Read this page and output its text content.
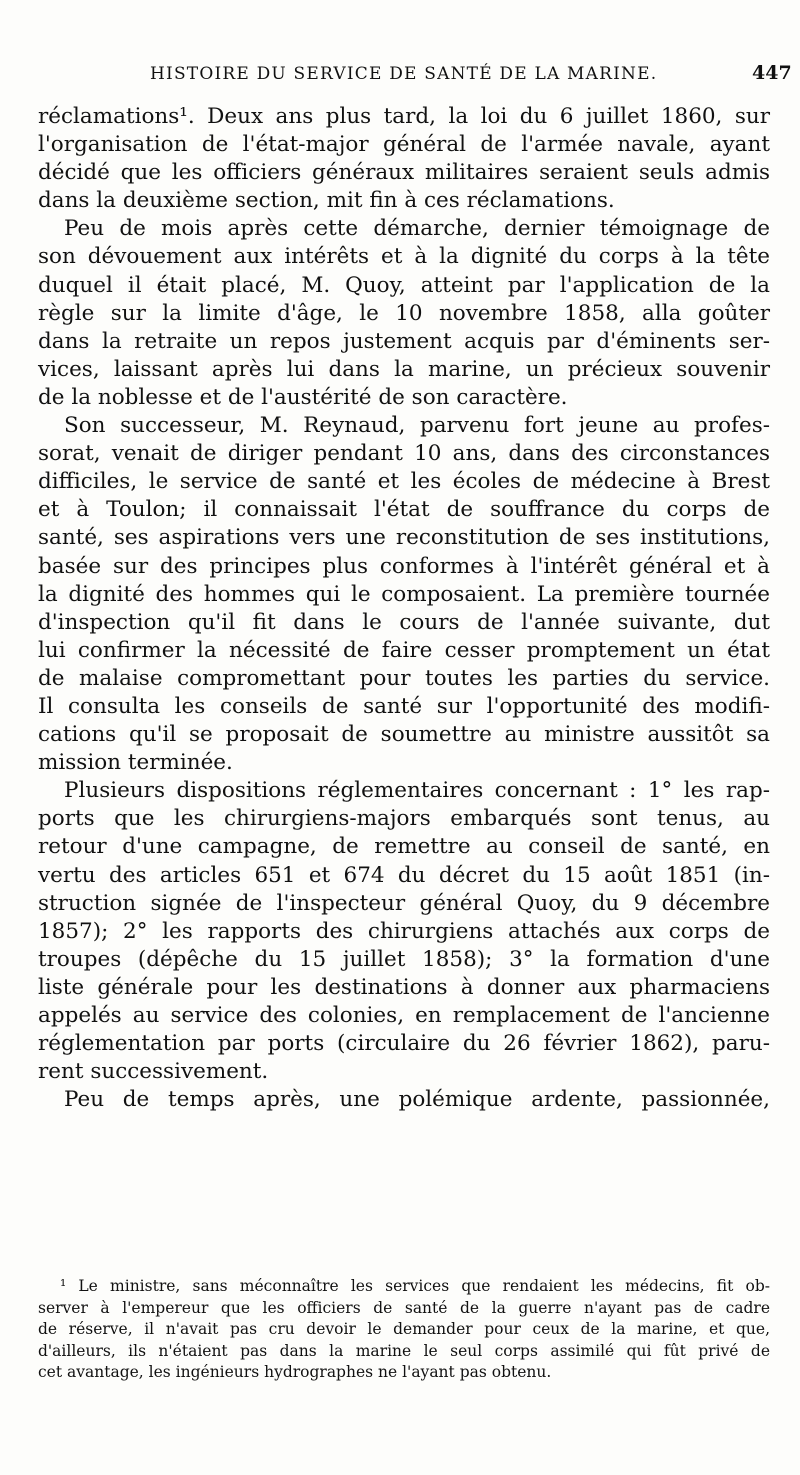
HISTOIRE DU SERVICE DE SANTÉ DE LA MARINE.	447
réclamations¹. Deux ans plus tard, la loi du 6 juillet 1860, sur
l'organisation de l'état-major général de l'armée navale, ayant
décidé que les officiers généraux militaires seraient seuls admis
dans la deuxième section, mit fin à ces réclamations.
Peu de mois après cette démarche, dernier témoignage de
son dévouement aux intérêts et à la dignité du corps à la tête
duquel il était placé, M. Quoy, atteint par l'application de la
règle sur la limite d'âge, le 10 novembre 1858, alla goûter
dans la retraite un repos justement acquis par d'éminents ser-
vices, laissant après lui dans la marine, un précieux souvenir
de la noblesse et de l'austérité de son caractère.
Son successeur, M. Reynaud, parvenu fort jeune au profes-
sorat, venait de diriger pendant 10 ans, dans des circonstances
difficiles, le service de santé et les écoles de médecine à Brest
et à Toulon; il connaissait l'état de souffrance du corps de
santé, ses aspirations vers une reconstitution de ses institutions,
basée sur des principes plus conformes à l'intérêt général et à
la dignité des hommes qui le composaient. La première tournée
d'inspection qu'il fit dans le cours de l'année suivante, dut
lui confirmer la nécessité de faire cesser promptement un état
de malaise compromettant pour toutes les parties du service.
Il consulta les conseils de santé sur l'opportunité des modifi-
cations qu'il se proposait de soumettre au ministre aussitôt sa
mission terminée.
Plusieurs dispositions réglementaires concernant : 1° les rap-
ports que les chirurgiens-majors embarqués sont tenus, au
retour d'une campagne, de remettre au conseil de santé, en
vertu des articles 651 et 674 du décret du 15 août 1851 (in-
struction signée de l'inspecteur général Quoy, du 9 décembre
1857); 2° les rapports des chirurgiens attachés aux corps de
troupes (dépêche du 15 juillet 1858); 3° la formation d'une
liste générale pour les destinations à donner aux pharmaciens
appelés au service des colonies, en remplacement de l'ancienne
réglementation par ports (circulaire du 26 février 1862), paru-
rent successivement.
Peu de temps après, une polémique ardente, passionnée,
¹ Le ministre, sans méconnaître les services que rendaient les médecins, fit ob-
server à l'empereur que les officiers de santé de la guerre n'ayant pas de cadre
de réserve, il n'avait pas cru devoir le demander pour ceux de la marine, et que,
d'ailleurs, ils n'étaient pas dans la marine le seul corps assimilé qui fût privé de
cet avantage, les ingénieurs hydrographes ne l'ayant pas obtenu.
